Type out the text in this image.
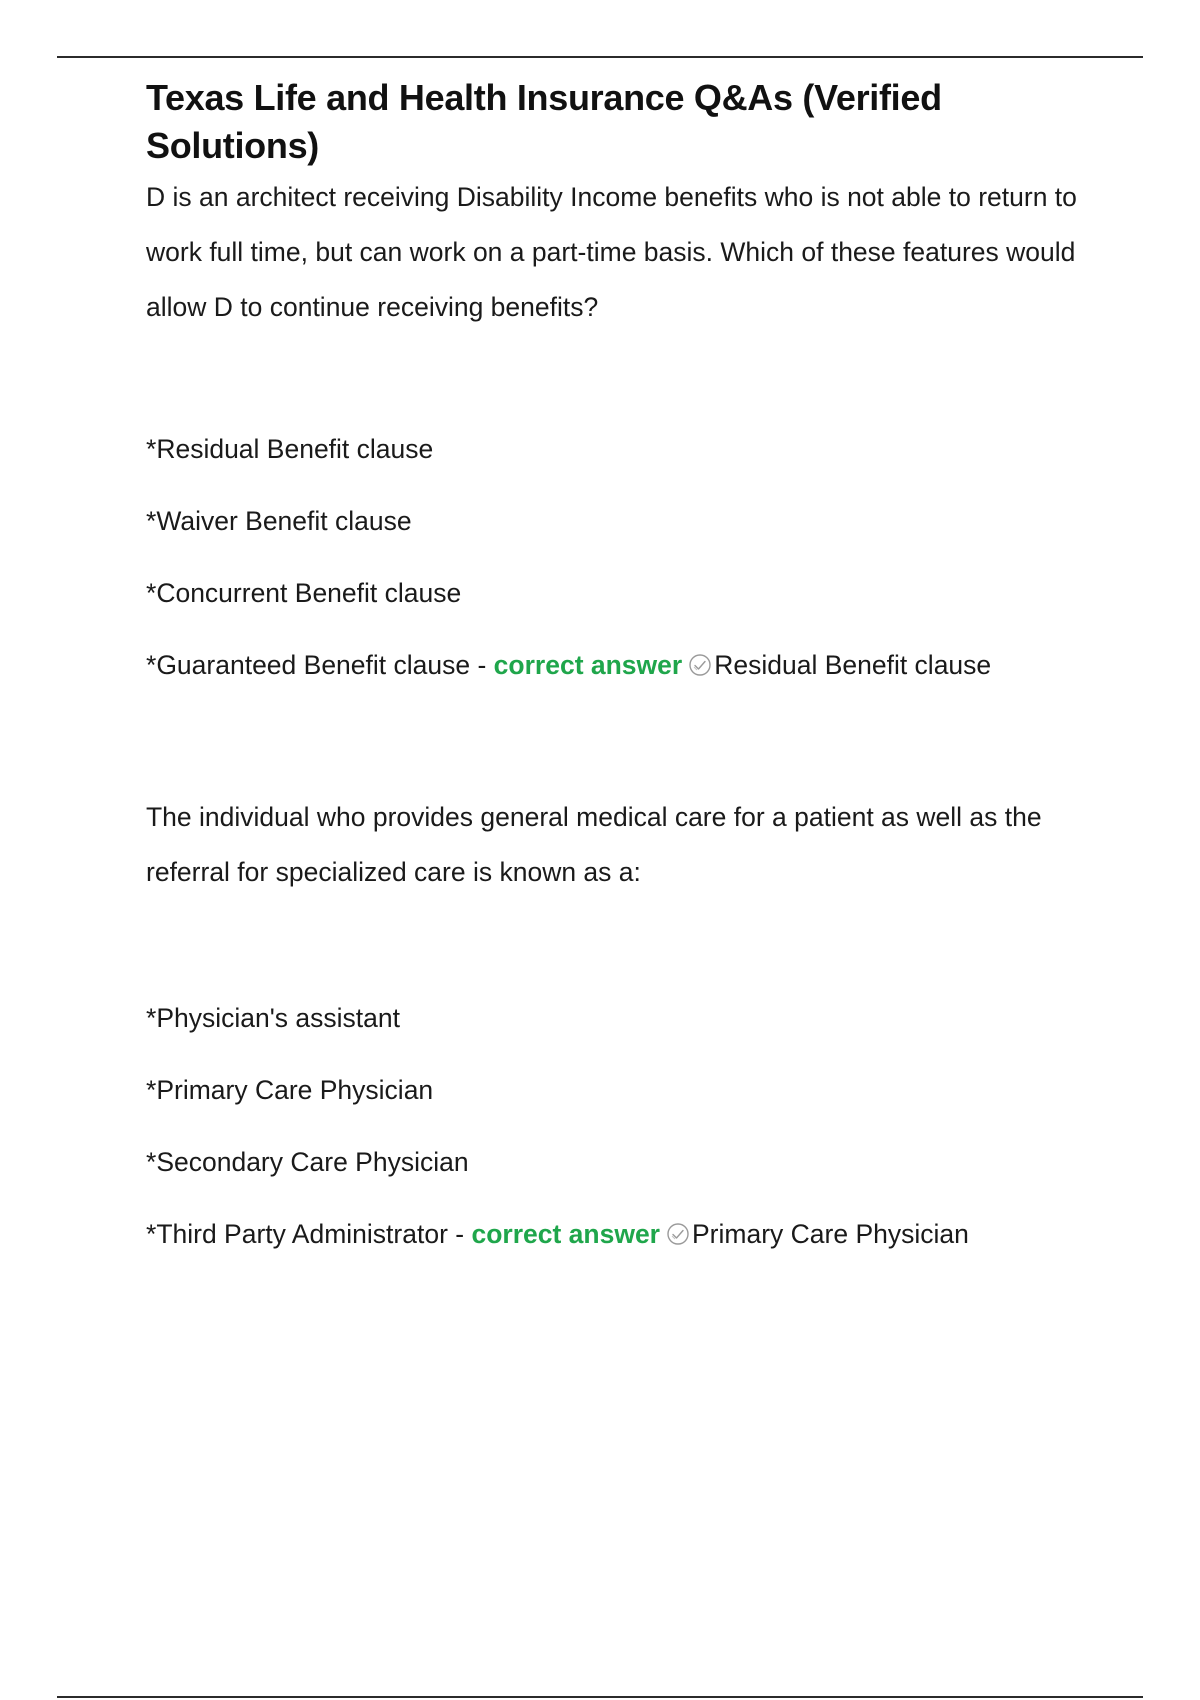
Texas Life and Health Insurance Q&As (Verified Solutions)

D is an architect receiving Disability Income benefits who is not able to return to work full time, but can work on a part-time basis. Which of these features would allow D to continue receiving benefits?

*Residual Benefit clause

*Waiver Benefit clause

*Concurrent Benefit clause

*Guaranteed Benefit clause - correct answer Residual Benefit clause

The individual who provides general medical care for a patient as well as the referral for specialized care is known as a:

*Physician's assistant

*Primary Care Physician

*Secondary Care Physician

*Third Party Administrator - correct answer Primary Care Physician
